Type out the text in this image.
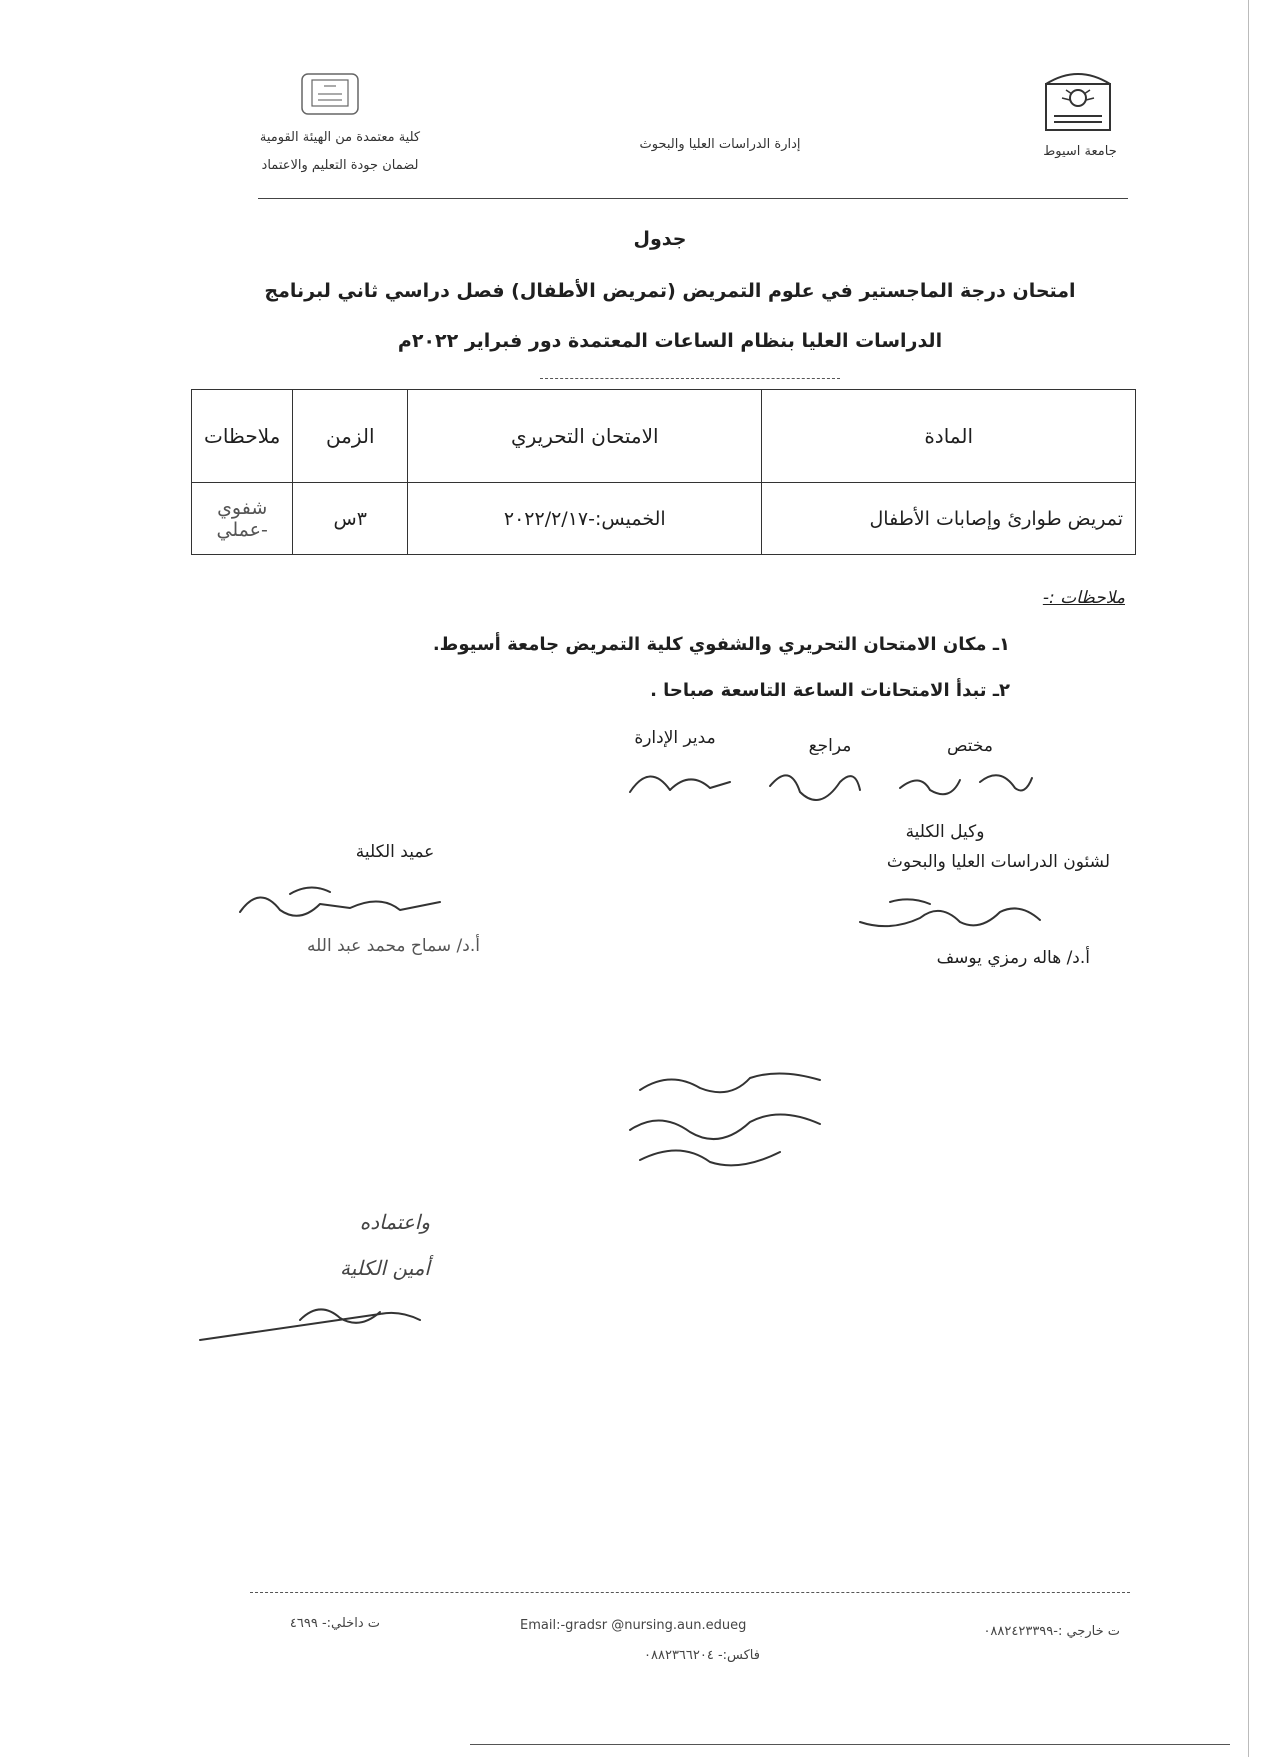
جامعة اسيوط
إدارة الدراسات العليا والبحوث
كلية معتمدة من الهيئة القومية
لضمان جودة التعليم والاعتماد
جدول
امتحان درجة الماجستير في علوم التمريض (تمريض الأطفال) فصل دراسي ثاني لبرنامج
الدراسات العليا بنظام الساعات المعتمدة دور فبراير ٢٠٢٢م
المادة	الامتحان التحريري	الزمن	ملاحظات
تمريض طوارئ وإصابات الأطفال	الخميس:-٢٠٢٢/٢/١٧	٣س	شفوي -عملي
ملاحظات :-
١ـ مكان الامتحان التحريري والشفوي كلية التمريض جامعة أسيوط.
٢ـ تبدأ الامتحانات الساعة التاسعة صباحا .
مختص
مراجع
مدير الإدارة
وكيل الكلية
لشئون الدراسات العليا والبحوث
أ.د/ هاله رمزي يوسف
عميد الكلية
أ.د/ سماح محمد عبد الله
واعتماده
أمين الكلية
ت خارجي :-٠٨٨٢٤٢٣٣٩٩
Email:-gradsr @nursing.aun.edueg
فاكس:- ٠٨٨٢٣٦٦٢٠٤
ت داخلي:- ٤٦٩٩
